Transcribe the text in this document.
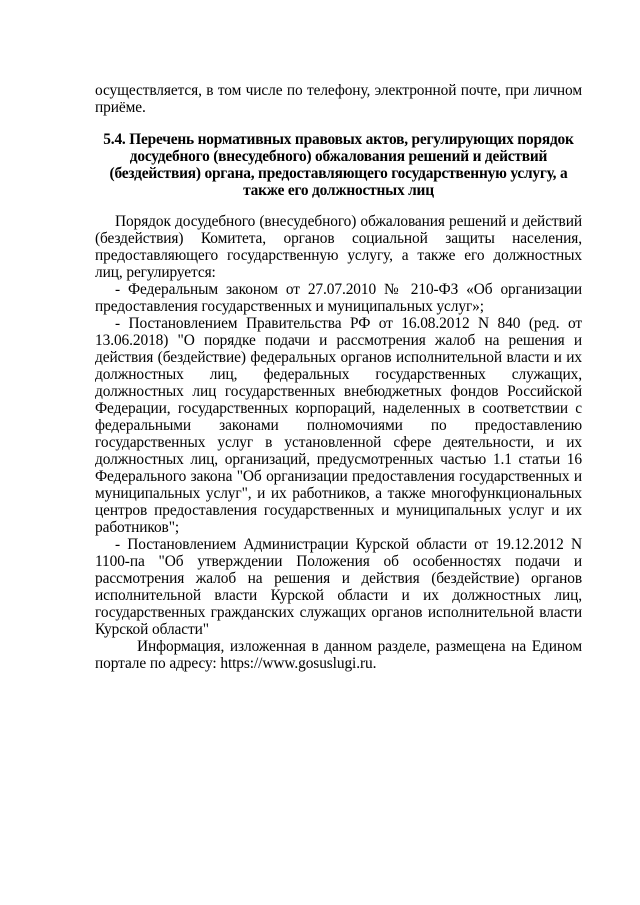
осуществляется, в том числе по телефону, электронной почте, при личном приёме.

5.4. Перечень нормативных правовых актов, регулирующих порядок досудебного (внесудебного) обжалования решений и действий (бездействия) органа, предоставляющего государственную услугу, а также его должностных лиц

Порядок досудебного (внесудебного) обжалования решений и действий (бездействия) Комитета, органов социальной защиты населения, предоставляющего государственную услугу, а также его должностных лиц, регулируется:

- Федеральным законом от 27.07.2010 № 210-ФЗ «Об организации предоставления государственных и муниципальных услуг»;

- Постановлением Правительства РФ от 16.08.2012 N 840 (ред. от 13.06.2018) "О порядке подачи и рассмотрения жалоб на решения и действия (бездействие) федеральных органов исполнительной власти и их должностных лиц, федеральных государственных служащих, должностных лиц государственных внебюджетных фондов Российской Федерации, государственных корпораций, наделенных в соответствии с федеральными законами полномочиями по предоставлению государственных услуг в установленной сфере деятельности, и их должностных лиц, организаций, предусмотренных частью 1.1 статьи 16 Федерального закона "Об организации предоставления государственных и муниципальных услуг", и их работников, а также многофункциональных центров предоставления государственных и муниципальных услуг и их работников";

- Постановлением Администрации Курской области от 19.12.2012 N 1100-па "Об утверждении Положения об особенностях подачи и рассмотрения жалоб на решения и действия (бездействие) органов исполнительной власти Курской области и их должностных лиц, государственных гражданских служащих органов исполнительной власти Курской области"

Информация, изложенная в данном разделе, размещена на Едином портале по адресу: https://www.gosuslugi.ru.
